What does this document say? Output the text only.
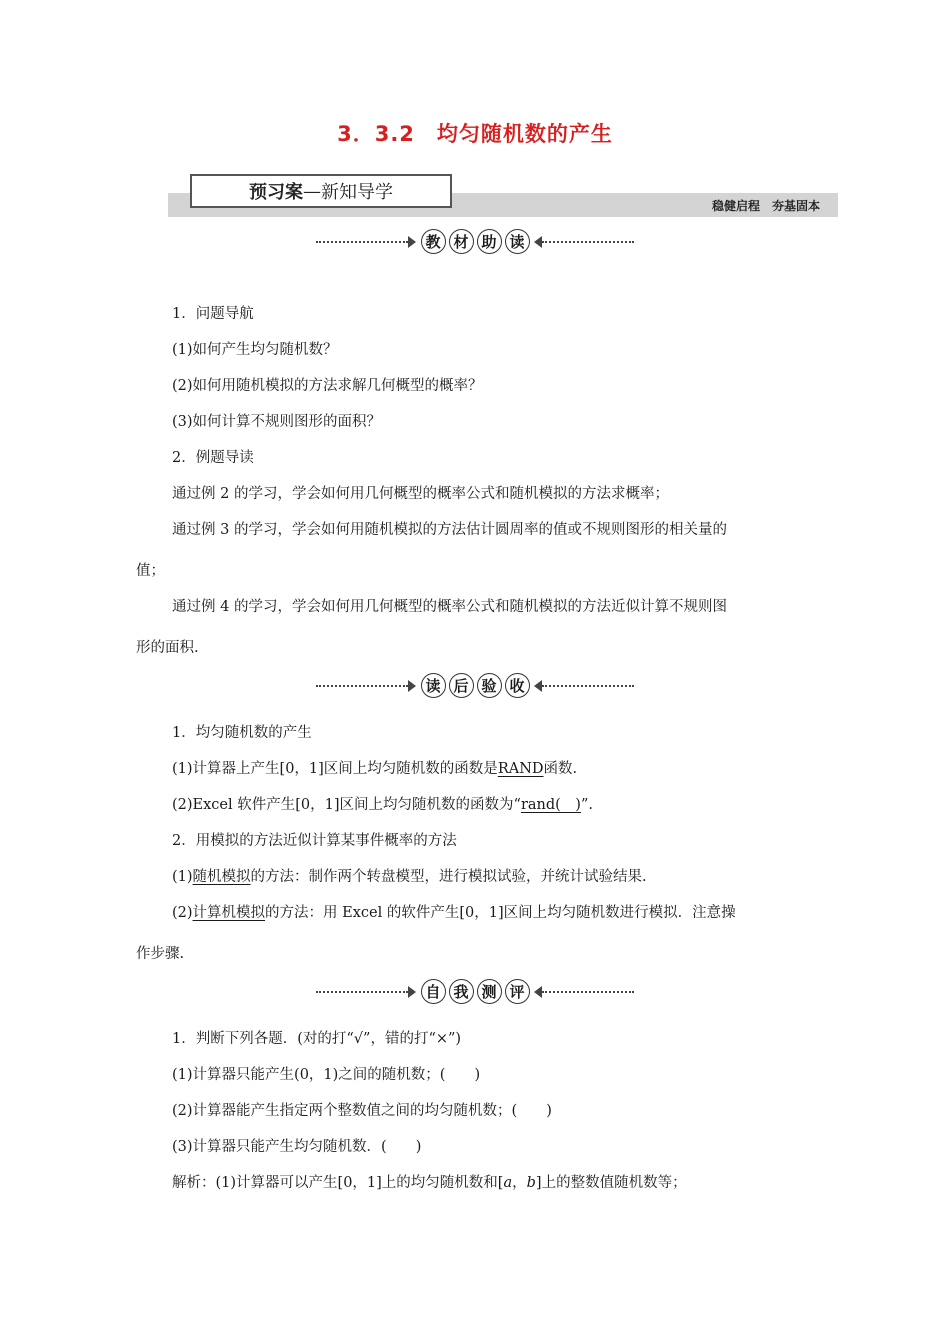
3．3.2　均匀随机数的产生
预习案 — 新知导学
稳健启程　夯基固本
教 材 助 读
1．问题导航
(1)如何产生均匀随机数？
(2)如何用随机模拟的方法求解几何概型的概率？
(3)如何计算不规则图形的面积？
2．例题导读
通过例 2 的学习，学会如何用几何概型的概率公式和随机模拟的方法求概率；
通过例 3 的学习，学会如何用随机模拟的方法估计圆周率的值或不规则图形的相关量的
值；
通过例 4 的学习，学会如何用几何概型的概率公式和随机模拟的方法近似计算不规则图
形的面积.
读 后 验 收
1．均匀随机数的产生
(1)计算器上产生[0，1]区间上均匀随机数的函数是RAND函数.
(2)Excel 软件产生[0，1]区间上均匀随机数的函数为“rand(　)”.
2．用模拟的方法近似计算某事件概率的方法
(1)随机模拟的方法：制作两个转盘模型，进行模拟试验，并统计试验结果.
(2)计算机模拟的方法：用 Excel 的软件产生[0，1]区间上均匀随机数进行模拟．注意操
作步骤.
自 我 测 评
1．判断下列各题．(对的打“√”，错的打“×”)
(1)计算器只能产生(0，1)之间的随机数；(　　)
(2)计算器能产生指定两个整数值之间的均匀随机数；(　　)
(3)计算器只能产生均匀随机数．(　　)
解析：(1)计算器可以产生[0，1]上的均匀随机数和[a，b]上的整数值随机数等；
